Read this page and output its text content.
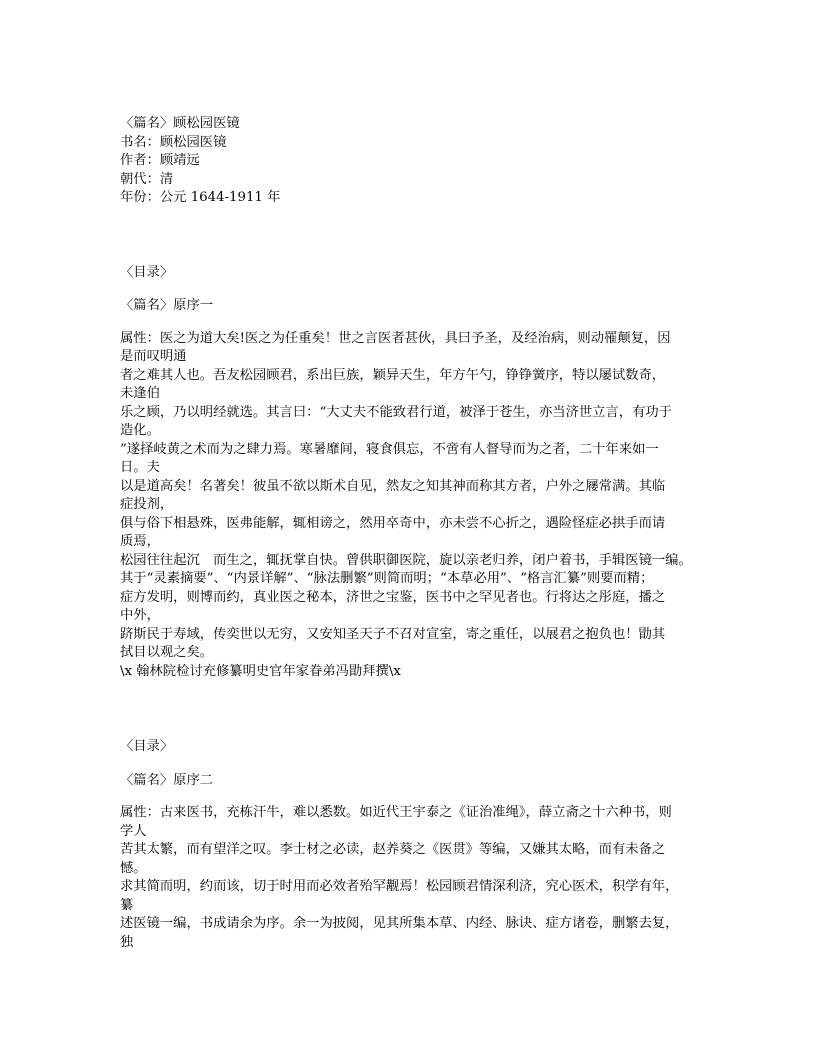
〈篇名〉顾松园医镜
书名：顾松园医镜
作者：顾靖远
朝代：清
年份：公元 1644-1911 年
〈目录〉
〈篇名〉原序一
属性：医之为道大矣!医之为任重矣！世之言医者甚伙，具曰予圣，及经治病，则动罹颠复，因
是而叹明通
者之难其人也。吾友松园顾君，系出巨族，颖异天生，年方午勺，铮铮黉序，特以屡试数奇，
未逢伯
乐之顾，乃以明经就选。其言曰：“大丈夫不能致君行道，被泽于苍生，亦当济世立言，有功于
造化。
”遂择岐黄之术而为之肆力焉。寒暑靡间，寝食俱忘，不啻有人督导而为之者，二十年来如一
日。夫
以是道高矣！名著矣！彼虽不欲以斯术自见，然友之知其神而称其方者，户外之屦常满。其临
症投剂，
俱与俗下相悬殊，医弗能解，辄相谤之，然用卒奇中，亦未尝不心折之，遇险怪症必拱手而请
质焉，
松园往往起沉　而生之，辄抚掌自快。曾供职御医院，旋以亲老归养，闭户着书，手辑医镜一编。
其于“灵素摘要”、“内景详解”、“脉法删繁”则简而明；“本草必用”、“格言汇纂”则要而精；
症方发明，则博而约，真业医之秘本，济世之宝鉴，医书中之罕见者也。行将达之彤庭，播之
中外，
跻斯民于寿域，传奕世以无穷，又安知圣天子不召对宣室，寄之重任，以展君之抱负也！勖其
拭目以观之矣。
\x 翰林院检讨充修纂明史官年家眷弟冯勖拜撰\x
〈目录〉
〈篇名〉原序二
属性：古来医书，充栋汗牛，难以悉数。如近代王宇泰之《证治准绳》，薛立斋之十六种书，则
学人
苦其太繁，而有望洋之叹。李士材之必读，赵养葵之《医贯》等编，又嫌其太略，而有未备之
憾。
求其简而明，约而该，切于时用而必效者殆罕觏焉！松园顾君情深利济，究心医术，积学有年，
纂
述医镜一编，书成请余为序。余一为披阅，见其所集本草、内经、脉诀、症方诸卷，删繁去复，
独
